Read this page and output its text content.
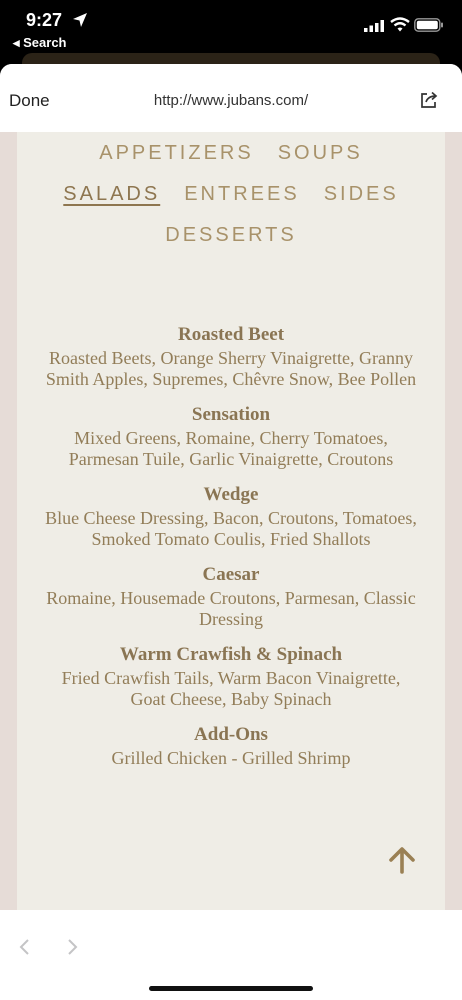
9:27
◂ Search
Done	http://www.jubans.com/
APPETIZERS SOUPS
SALADS ENTREES SIDES
DESSERTS
Roasted Beet
Roasted Beets, Orange Sherry Vinaigrette, Granny Smith Apples, Supremes, Chêvre Snow, Bee Pollen
Sensation
Mixed Greens, Romaine, Cherry Tomatoes, Parmesan Tuile, Garlic Vinaigrette, Croutons
Wedge
Blue Cheese Dressing, Bacon, Croutons, Tomatoes, Smoked Tomato Coulis, Fried Shallots
Caesar
Romaine, Housemade Croutons, Parmesan, Classic Dressing
Warm Crawfish & Spinach
Fried Crawfish Tails, Warm Bacon Vinaigrette, Goat Cheese, Baby Spinach
Add-Ons
Grilled Chicken - Grilled Shrimp
